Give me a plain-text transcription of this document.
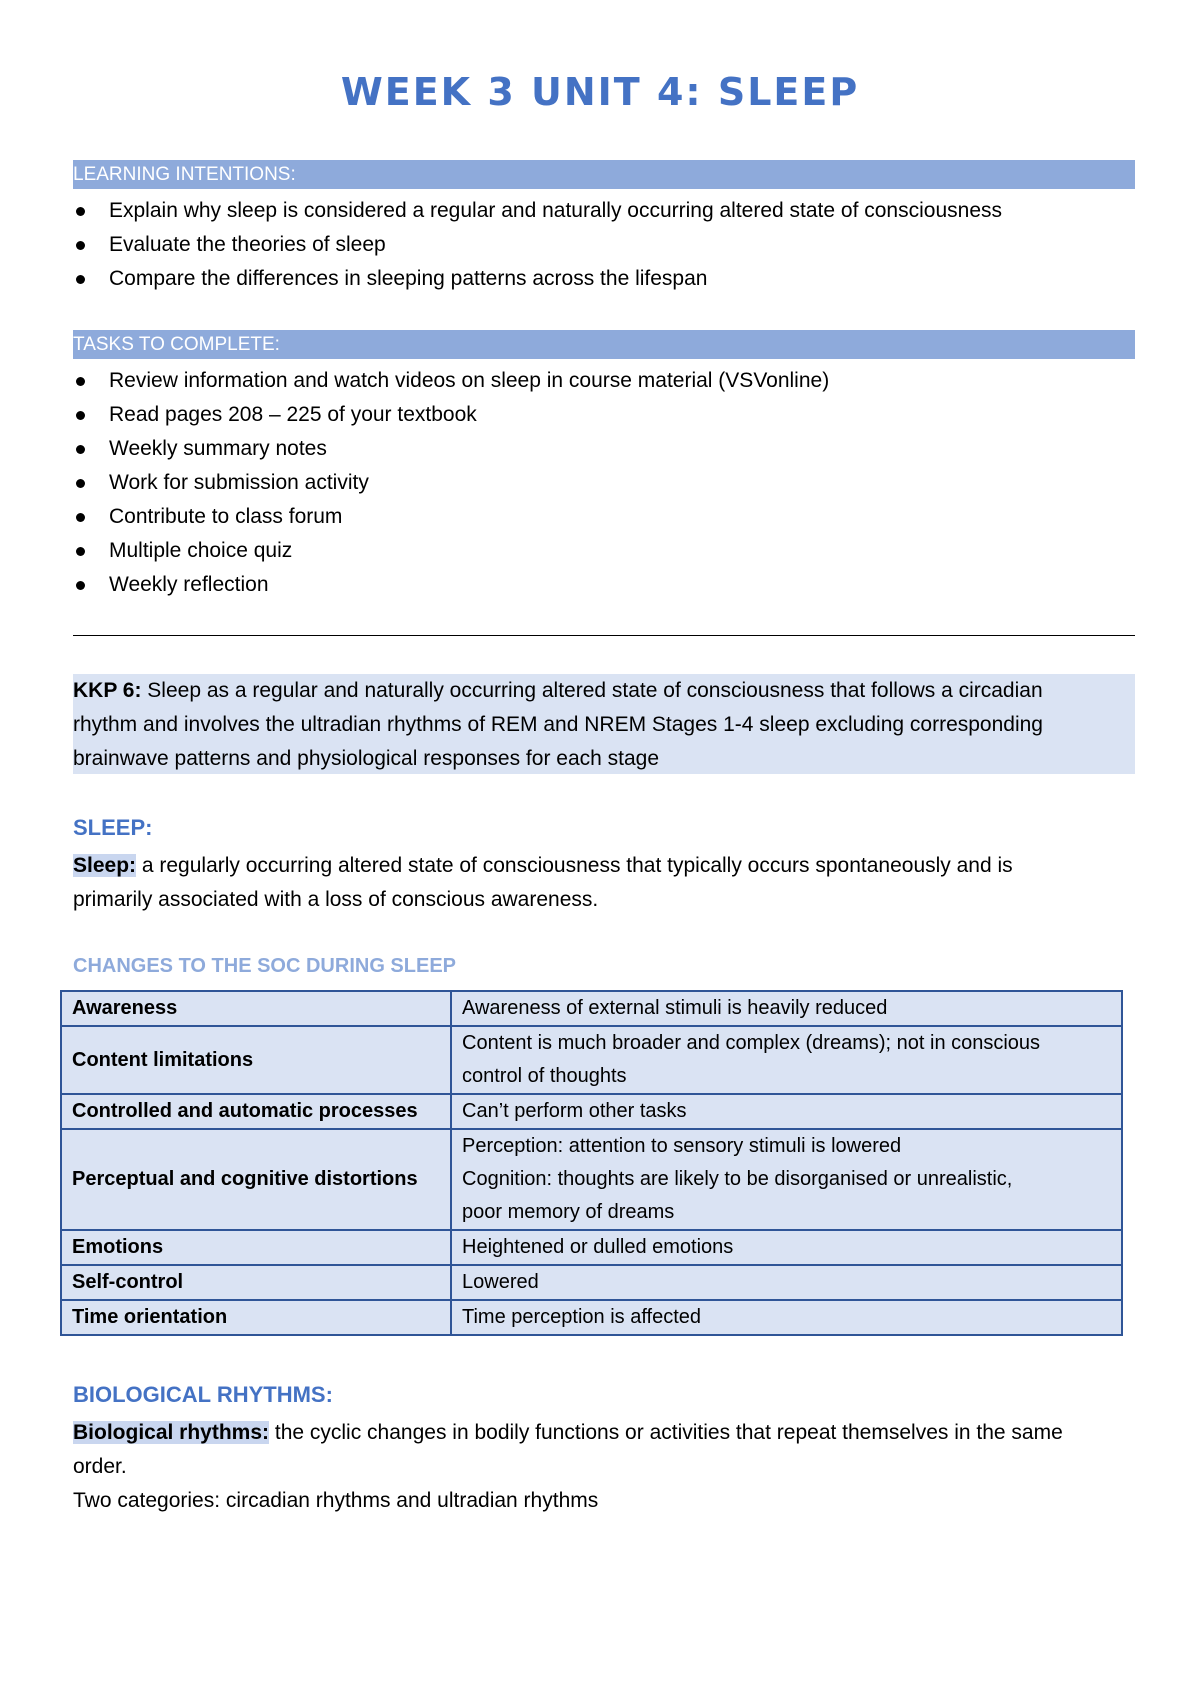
WEEK 3 UNIT 4: SLEEP
LEARNING INTENTIONS:
Explain why sleep is considered a regular and naturally occurring altered state of consciousness
Evaluate the theories of sleep
Compare the differences in sleeping patterns across the lifespan
TASKS TO COMPLETE:
Review information and watch videos on sleep in course material (VSVonline)
Read pages 208 – 225 of your textbook
Weekly summary notes
Work for submission activity
Contribute to class forum
Multiple choice quiz
Weekly reflection
KKP 6: Sleep as a regular and naturally occurring altered state of consciousness that follows a circadian
rhythm and involves the ultradian rhythms of REM and NREM Stages 1-4 sleep excluding corresponding
brainwave patterns and physiological responses for each stage
SLEEP:

Sleep: a regularly occurring altered state of consciousness that typically occurs spontaneously and is
primarily associated with a loss of conscious awareness.

CHANGES TO THE SOC DURING SLEEP
Awareness	Awareness of external stimuli is heavily reduced

Content limitations	Content is much broader and complex (dreams); not in conscious
control of thoughts

Controlled and automatic processes	Can’t perform other tasks

Perceptual and cognitive distortions	Perception: attention to sensory stimuli is lowered
Cognition: thoughts are likely to be disorganised or unrealistic,
poor memory of dreams

Emotions	Heightened or dulled emotions

Self-control	Lowered

Time orientation	Time perception is affected
BIOLOGICAL RHYTHMS:

Biological rhythms: the cyclic changes in bodily functions or activities that repeat themselves in the same
order.
Two categories: circadian rhythms and ultradian rhythms
